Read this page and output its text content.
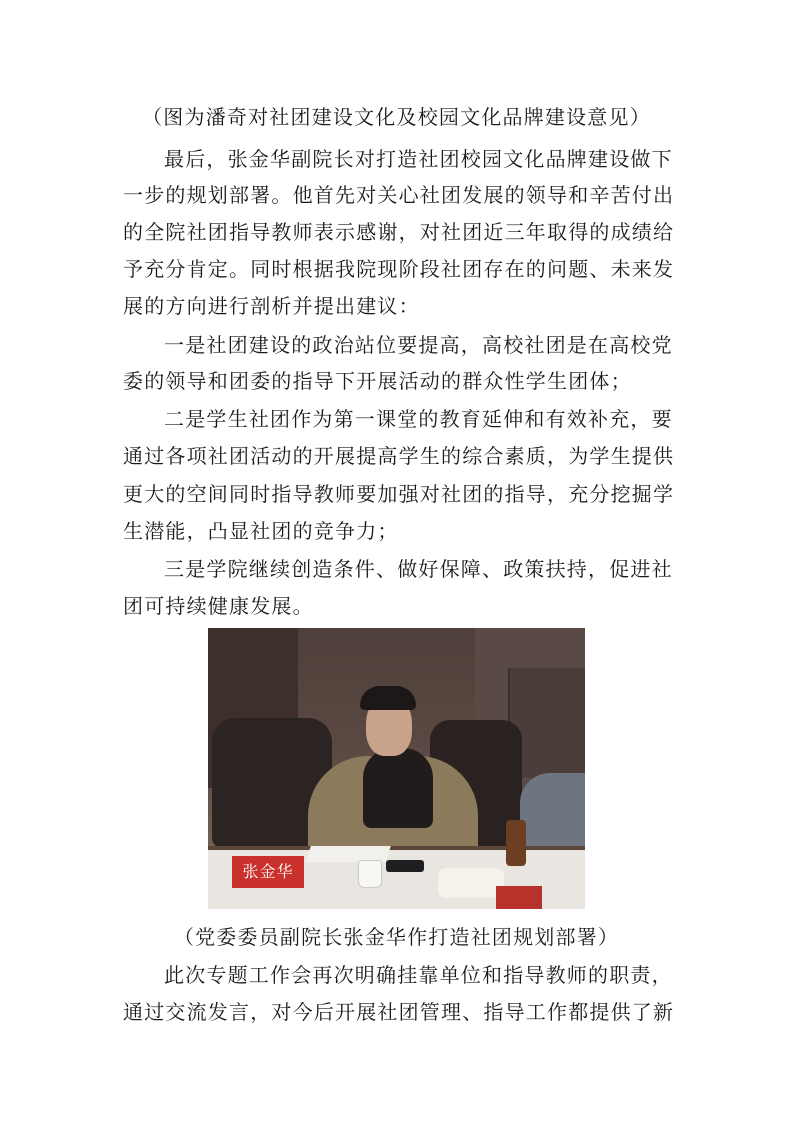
（图为潘奇对社团建设文化及校园文化品牌建设意见）
最后，张金华副院长对打造社团校园文化品牌建设做下
一步的规划部署。他首先对关心社团发展的领导和辛苦付出
的全院社团指导教师表示感谢，对社团近三年取得的成绩给
予充分肯定。同时根据我院现阶段社团存在的问题、未来发
展的方向进行剖析并提出建议：
一是社团建设的政治站位要提高，高校社团是在高校党
委的领导和团委的指导下开展活动的群众性学生团体；
二是学生社团作为第一课堂的教育延伸和有效补充，要
通过各项社团活动的开展提高学生的综合素质，为学生提供
更大的空间同时指导教师要加强对社团的指导，充分挖掘学
生潜能，凸显社团的竞争力；
三是学院继续创造条件、做好保障、政策扶持，促进社
团可持续健康发展。
张金华
（党委委员副院长张金华作打造社团规划部署）
此次专题工作会再次明确挂靠单位和指导教师的职责，
通过交流发言，对今后开展社团管理、指导工作都提供了新
